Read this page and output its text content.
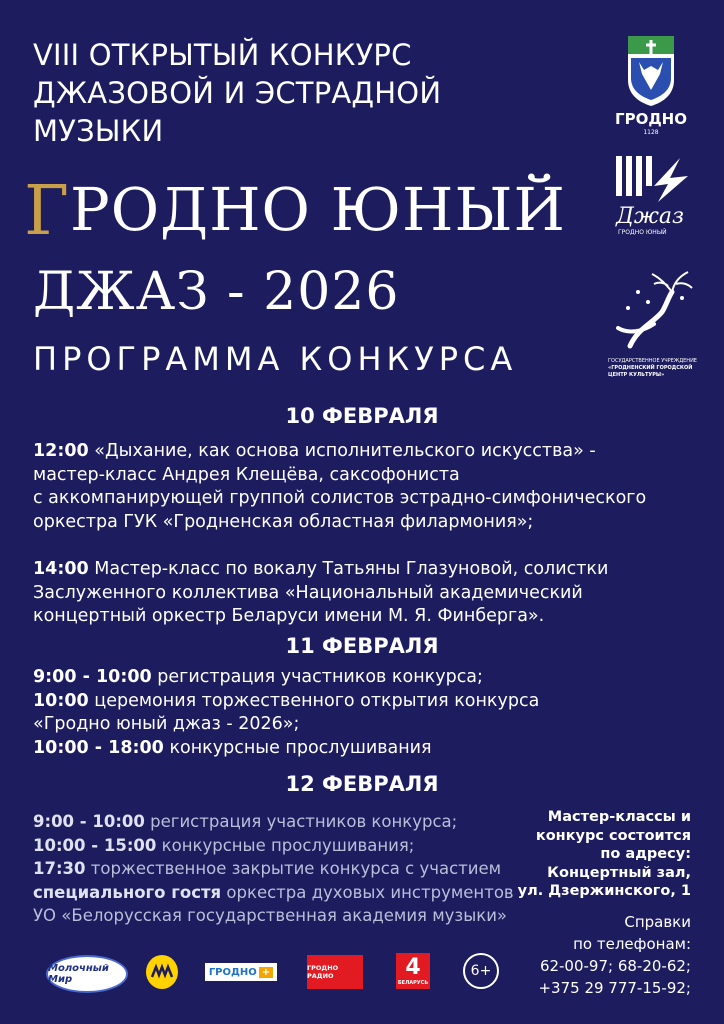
VIII ОТКРЫТЫЙ КОНКУРС
ДЖАЗОВОЙ И ЭСТРАДНОЙ
МУЗЫКИ
ГРОДНО ЮНЫЙ
ДЖАЗ - 2026
ПРОГРАММА КОНКУРСА
ГРОДНО
1128
Джаз
ГРОДНО ЮНЫЙ
ГОСУДАРСТВЕННОЕ УЧРЕЖДЕНИЕ
«ГРОДНЕНСКИЙ ГОРОДСКОЙ
ЦЕНТР КУЛЬТУРЫ»
10 ФЕВРАЛЯ
12:00 «Дыхание, как основа исполнительского искусства» -
мастер-класс Андрея Клещёва, саксофониста
с аккомпанирующей группой солистов эстрадно-симфонического
оркестра ГУК «Гродненская областная филармония»;
14:00 Мастер-класс по вокалу Татьяны Глазуновой, солистки
Заслуженного коллектива «Национальный академический
концертный оркестр Беларуси имени М. Я. Финберга».
11 ФЕВРАЛЯ
9:00 - 10:00 регистрация участников конкурса;
10:00 церемония торжественного открытия конкурса
«Гродно юный джаз - 2026»;
10:00 - 18:00 конкурсные прослушивания
12 ФЕВРАЛЯ
9:00 - 10:00 регистрация участников конкурса;
10:00 - 15:00 конкурсные прослушивания;
17:30 торжественное закрытие конкурса с участием
специального гостя оркестра духовых инструментов
УО «Белорусская государственная академия музыки»
Мастер-классы и
конкурс состоится
по адресу:
Концертный зал,
ул. Дзержинского, 1
Справки
по телефонам:
62-00-97; 68-20-62;
+375 29 777-15-92;
Молочный Мир
ГРОДНО +	ГРОДНО РАДИО	4
БЕЛАРУСЬ
6+
